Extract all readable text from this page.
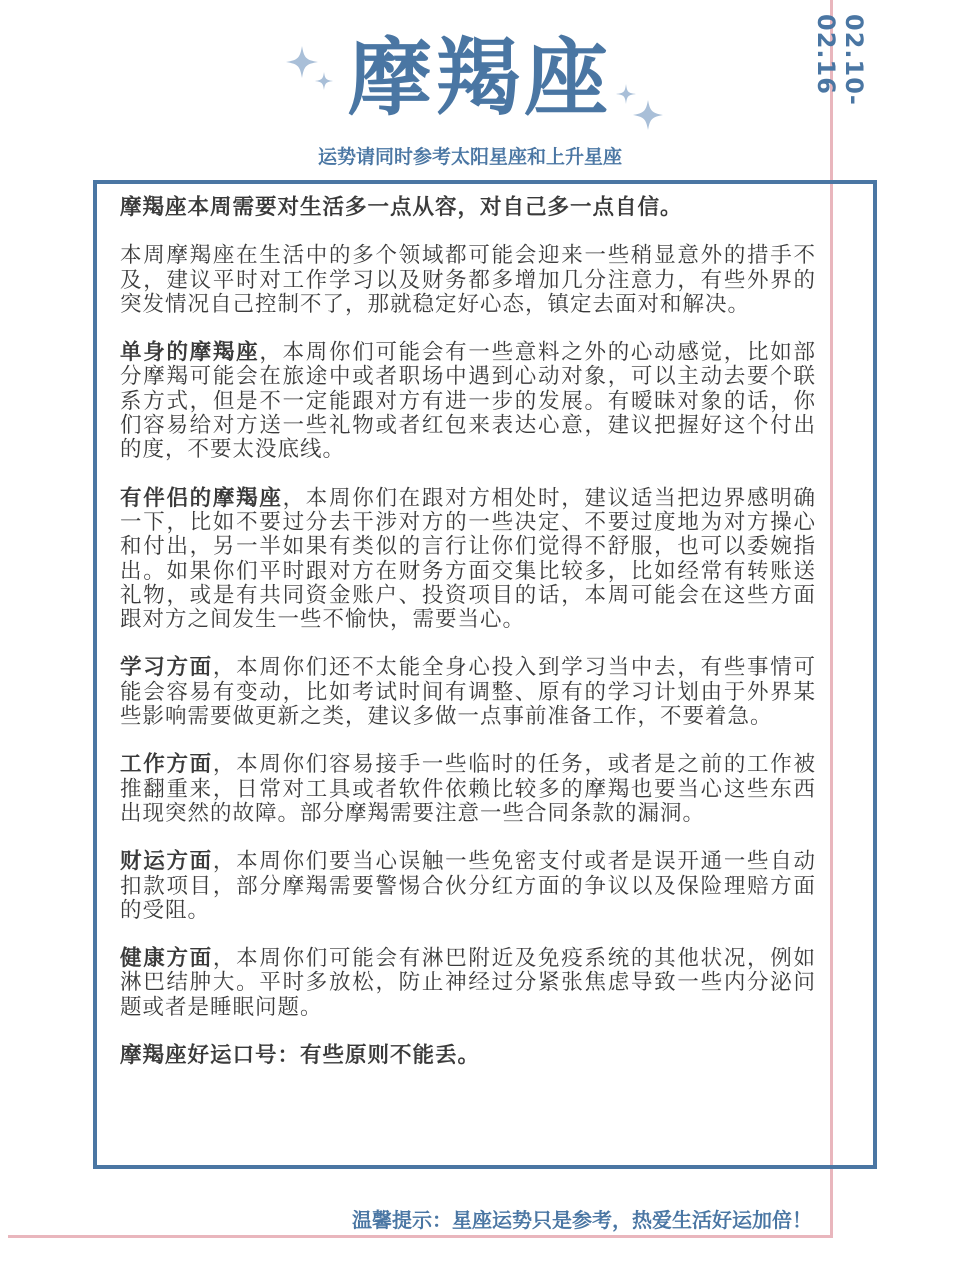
摩羯座
运势请同时参考太阳星座和上升星座
02.10-02.16

摩羯座本周需要对生活多一点从容，对自己多一点自信。

本周摩羯座在生活中的多个领域都可能会迎来一些稍显意外的措手不及，建议平时对工作学习以及财务都多增加几分注意力，有些外界的突发情况自己控制不了，那就稳定好心态，镇定去面对和解决。

单身的摩羯座，本周你们可能会有一些意料之外的心动感觉，比如部分摩羯可能会在旅途中或者职场中遇到心动对象，可以主动去要个联系方式，但是不一定能跟对方有进一步的发展。有暧昧对象的话，你们容易给对方送一些礼物或者红包来表达心意，建议把握好这个付出的度，不要太没底线。

有伴侣的摩羯座，本周你们在跟对方相处时，建议适当把边界感明确一下，比如不要过分去干涉对方的一些决定、不要过度地为对方操心和付出，另一半如果有类似的言行让你们觉得不舒服，也可以委婉指出。如果你们平时跟对方在财务方面交集比较多，比如经常有转账送礼物，或是有共同资金账户、投资项目的话，本周可能会在这些方面跟对方之间发生一些不愉快，需要当心。

学习方面，本周你们还不太能全身心投入到学习当中去，有些事情可能会容易有变动，比如考试时间有调整、原有的学习计划由于外界某些影响需要做更新之类，建议多做一点事前准备工作，不要着急。

工作方面，本周你们容易接手一些临时的任务，或者是之前的工作被推翻重来，日常对工具或者软件依赖比较多的摩羯也要当心这些东西出现突然的故障。部分摩羯需要注意一些合同条款的漏洞。

财运方面，本周你们要当心误触一些免密支付或者是误开通一些自动扣款项目，部分摩羯需要警惕合伙分红方面的争议以及保险理赔方面的受阻。

健康方面，本周你们可能会有淋巴附近及免疫系统的其他状况，例如淋巴结肿大。平时多放松，防止神经过分紧张焦虑导致一些内分泌问题或者是睡眠问题。

摩羯座好运口号：有些原则不能丢。

温馨提示：星座运势只是参考，热爱生活好运加倍！
